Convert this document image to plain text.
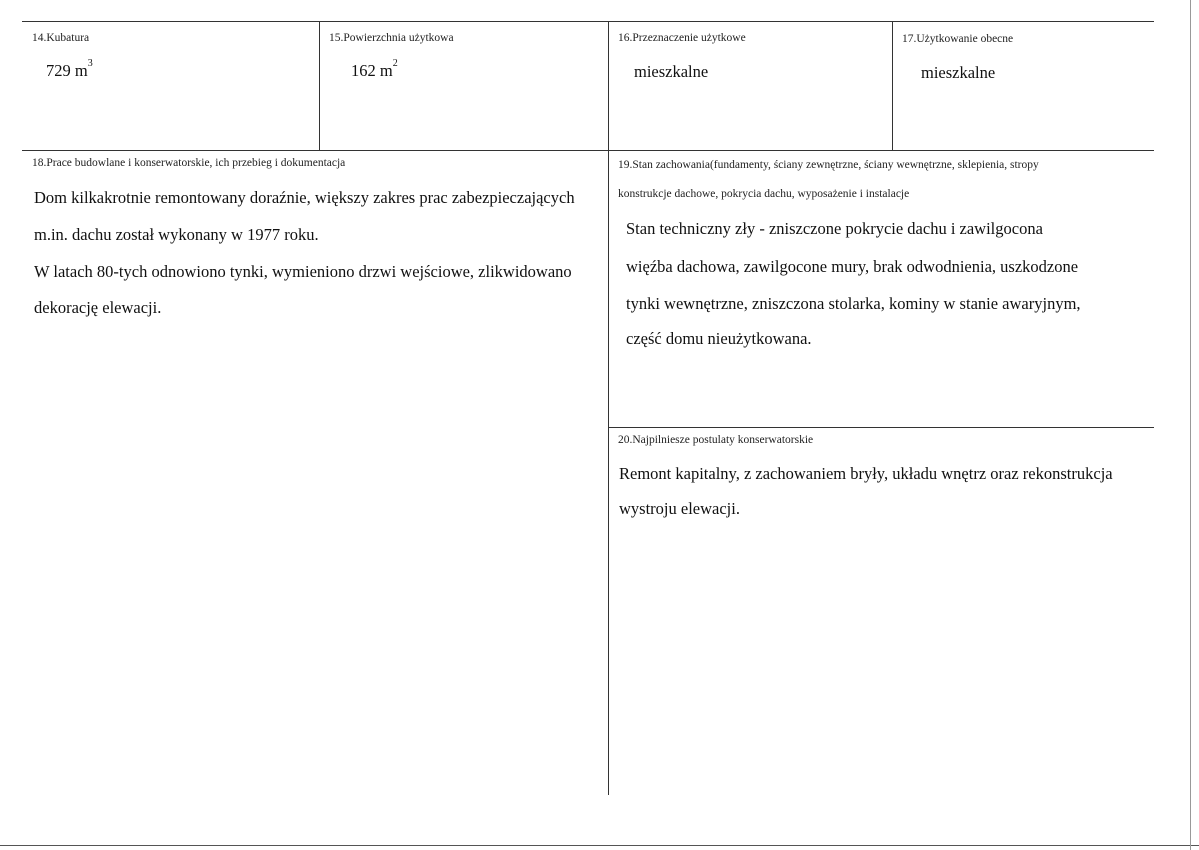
14.Kubatura
729 $m^3$
15.Powierzchnia użytkowa
162 $m^2$
16.Przeznaczenie użytkowe
mieszkalne
17.Użytkowanie obecne
mieszkalne
18.Prace budowlane i konserwatorskie, ich przebieg i dokumentacja
Dom kilkakrotnie remontowany doraźnie, większy zakres prac zabezpieczających
m.in. dachu został wykonany w 1977 roku.
W latach 80-tych odnowiono tynki, wymieniono drzwi wejściowe, zlikwidowano
dekorację elewacji.
19.Stan zachowania(fundamenty, ściany zewnętrzne, ściany wewnętrzne, sklepienia, stropy
konstrukcje dachowe, pokrycia dachu, wyposażenie i instalacje
Stan techniczny zły - zniszczone pokrycie dachu i zawilgocona
więźba dachowa, zawilgocone mury, brak odwodnienia, uszkodzone
tynki wewnętrzne, zniszczona stolarka, kominy w stanie awaryjnym,
część domu nieużytkowana.
20.Najpilniesze postulaty konserwatorskie
Remont kapitalny, z zachowaniem bryły, układu wnętrz oraz rekonstrukcja
wystroju elewacji.
